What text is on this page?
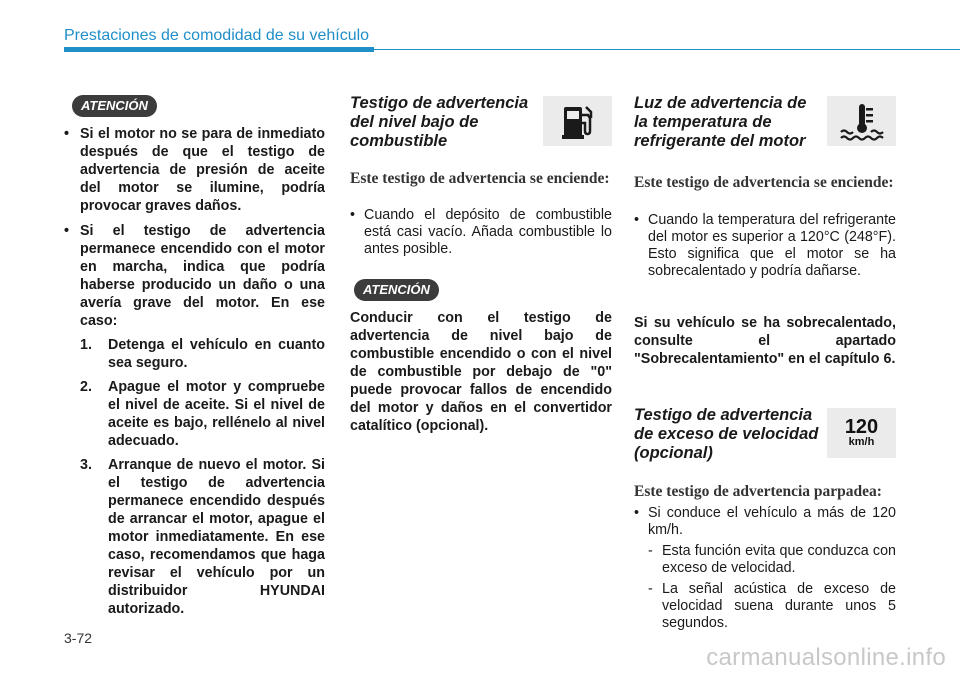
Prestaciones de comodidad de su vehículo
ATENCIÓN
• Si el motor no se para de inmediato después de que el testigo de advertencia de presión de aceite del motor se ilumine, podría provocar graves daños.
• Si el testigo de advertencia permanece encendido con el motor en marcha, indica que podría haberse producido un daño o una avería grave del motor. En ese caso:
1. Detenga el vehículo en cuanto sea seguro.
2. Apague el motor y compruebe el nivel de aceite. Si el nivel de aceite es bajo, rellénelo al nivel adecuado.
3. Arranque de nuevo el motor. Si el testigo de advertencia permanece encendido después de arrancar el motor, apague el motor inmediatamente. En ese caso, recomendamos que haga revisar el vehículo por un distribuidor HYUNDAI autorizado.
Testigo de advertencia del nivel bajo de combustible
Este testigo de advertencia se enciende:
• Cuando el depósito de combustible está casi vacío. Añada combustible lo antes posible.
ATENCIÓN
Conducir con el testigo de advertencia de nivel bajo de combustible encendido o con el nivel de combustible por debajo de "0" puede provocar fallos de encendido del motor y daños en el convertidor catalítico (opcional).
Luz de advertencia de la temperatura de refrigerante del motor
Este testigo de advertencia se enciende:
• Cuando la temperatura del refrigerante del motor es superior a 120°C (248°F). Esto significa que el motor se ha sobrecalentado y podría dañarse.
Si su vehículo se ha sobrecalentado, consulte el apartado "Sobrecalentamiento" en el capítulo 6.
Testigo de advertencia de exceso de velocidad (opcional)
120
km/h
Este testigo de advertencia parpadea:
• Si conduce el vehículo a más de 120 km/h.
- Esta función evita que conduzca con exceso de velocidad.
- La señal acústica de exceso de velocidad suena durante unos 5 segundos.
3-72
carmanualsonline.info
